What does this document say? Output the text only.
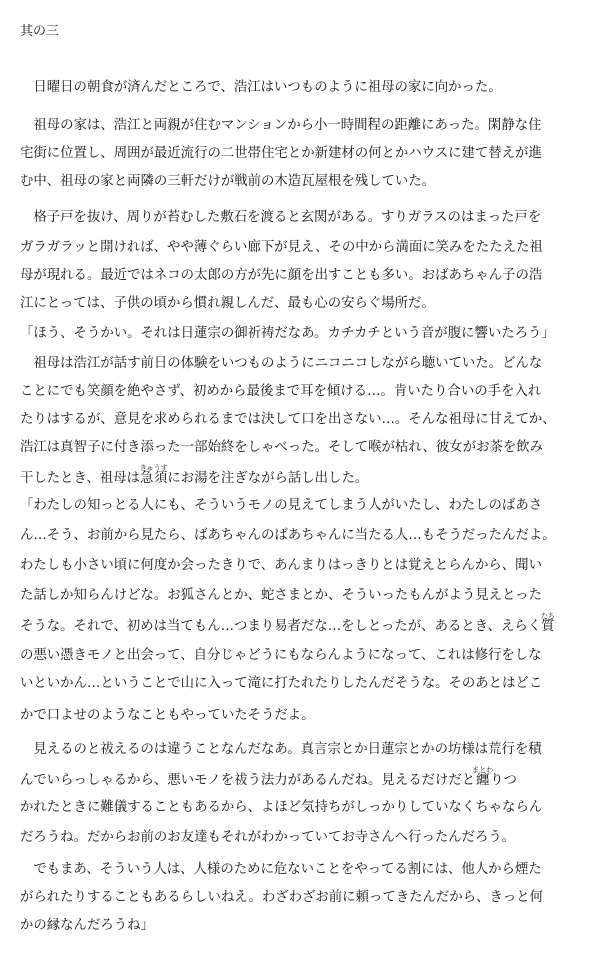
其の三
　日曜日の朝食が済んだところで、浩江はいつものように祖母の家に向かった。
　祖母の家は、浩江と両親が住むマンションから小一時間程の距離にあった。閑静な住
宅街に位置し、周囲が最近流行の二世帯住宅とか新建材の何とかハウスに建て替えが進
む中、祖母の家と両隣の三軒だけが戦前の木造瓦屋根を残していた。
　格子戸を抜け、周りが苔むした敷石を渡ると玄関がある。すりガラスのはまった戸を
ガラガラッと開ければ、やや薄ぐらい廊下が見え、その中から満面に笑みをたたえた祖
母が現れる。最近ではネコの太郎の方が先に顔を出すことも多い。おばあちゃん子の浩
江にとっては、子供の頃から慣れ親しんだ、最も心の安らぐ場所だ。
「ほう、そうかい。それは日蓮宗の御祈祷だなあ。カチカチという音が腹に響いたろう」
　祖母は浩江が話す前日の体験をいつものようにニコニコしながら聴いていた。どんな
ことにでも笑顔を絶やさず、初めから最後まで耳を傾ける…。肯いたり合いの手を入れ
たりはするが、意見を求められるまでは決して口を出さない…。そんな祖母に甘えてか、
浩江は真智子に付き添った一部始終をしゃべった。そして喉が枯れ、彼女がお茶を飲み
干したとき、祖母は急須きゅうすにお湯を注ぎながら話し出した。
「わたしの知っとる人にも、そういうモノの見えてしまう人がいたし、わたしのばあさ
ん…そう、お前から見たら、ばあちゃんのばあちゃんに当たる人…もそうだったんだよ。
わたしも小さい頃に何度か会ったきりで、あんまりはっきりとは覚えとらんから、聞い
た話しか知らんけどな。お狐さんとか、蛇さまとか、そういったもんがよう見えとった
そうな。それで、初めは当てもん…つまり易者だな…をしとったが、あるとき、えらく質たち
の悪い憑きモノと出会って、自分じゃどうにもならんようになって、これは修行をしな
いといかん…ということで山に入って滝に打たれたりしたんだそうな。そのあとはどこ
かで口よせのようなこともやっていたそうだよ。
　見えるのと祓えるのは違うことなんだなあ。真言宗とか日蓮宗とかの坊様は荒行を積
んでいらっしゃるから、悪いモノを祓う法力があるんだね。見えるだけだと纏まとわりつ
かれたときに難儀することもあるから、よほど気持ちがしっかりしていなくちゃならん
だろうね。だからお前のお友達もそれがわかっていてお寺さんへ行ったんだろう。
　でもまあ、そういう人は、人様のために危ないことをやってる割には、他人から煙た
がられたりすることもあるらしいねえ。わざわざお前に頼ってきたんだから、きっと何
かの縁なんだろうね」
